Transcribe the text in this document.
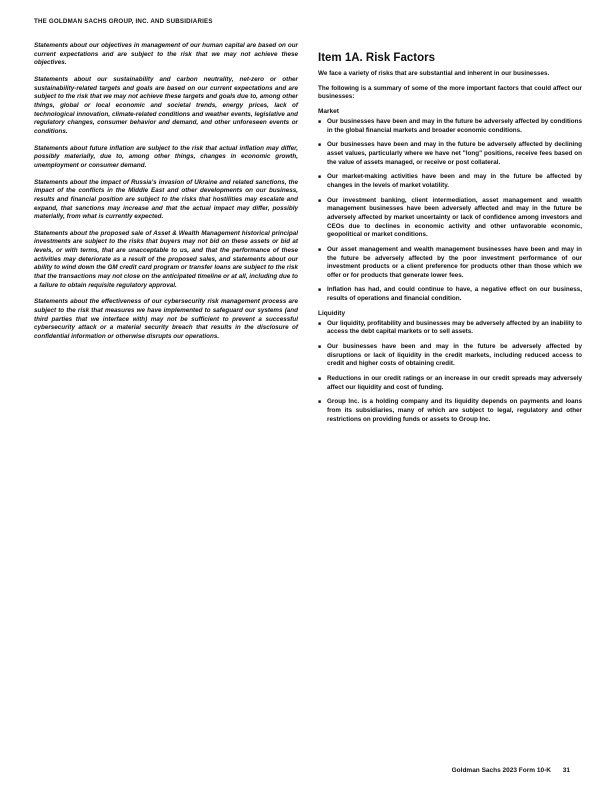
THE GOLDMAN SACHS GROUP, INC. AND SUBSIDIARIES

Statements about our objectives in management of our human capital are based on our current expectations and are subject to the risk that we may not achieve these objectives.

Statements about our sustainability and carbon neutrality, net-zero or other sustainability-related targets and goals are based on our current expectations and are subject to the risk that we may not achieve these targets and goals due to, among other things, global or local economic and societal trends, energy prices, lack of technological innovation, climate-related conditions and weather events, legislative and regulatory changes, consumer behavior and demand, and other unforeseen events or conditions.

Statements about future inflation are subject to the risk that actual inflation may differ, possibly materially, due to, among other things, changes in economic growth, unemployment or consumer demand.

Statements about the impact of Russia's invasion of Ukraine and related sanctions, the impact of the conflicts in the Middle East and other developments on our business, results and financial position are subject to the risks that hostilities may escalate and expand, that sanctions may increase and that the actual impact may differ, possibly materially, from what is currently expected.

Statements about the proposed sale of Asset & Wealth Management historical principal investments are subject to the risks that buyers may not bid on these assets or bid at levels, or with terms, that are unacceptable to us, and that the performance of these activities may deteriorate as a result of the proposed sales, and statements about our ability to wind down the GM credit card program or transfer loans are subject to the risk that the transactions may not close on the anticipated timeline or at all, including due to a failure to obtain requisite regulatory approval.

Statements about the effectiveness of our cybersecurity risk management process are subject to the risk that measures we have implemented to safeguard our systems (and third parties that we interface with) may not be sufficient to prevent a successful cybersecurity attack or a material security breach that results in the disclosure of confidential information or otherwise disrupts our operations.

Item 1A. Risk Factors

We face a variety of risks that are substantial and inherent in our businesses.

The following is a summary of some of the more important factors that could affect our businesses:

Market
■ Our businesses have been and may in the future be adversely affected by conditions in the global financial markets and broader economic conditions.
■ Our businesses have been and may in the future be adversely affected by declining asset values, particularly where we have net "long" positions, receive fees based on the value of assets managed, or receive or post collateral.
■ Our market-making activities have been and may in the future be affected by changes in the levels of market volatility.
■ Our investment banking, client intermediation, asset management and wealth management businesses have been adversely affected and may in the future be adversely affected by market uncertainty or lack of confidence among investors and CEOs due to declines in economic activity and other unfavorable economic, geopolitical or market conditions.
■ Our asset management and wealth management businesses have been and may in the future be adversely affected by the poor investment performance of our investment products or a client preference for products other than those which we offer or for products that generate lower fees.
■ Inflation has had, and could continue to have, a negative effect on our business, results of operations and financial condition.
Liquidity
■ Our liquidity, profitability and businesses may be adversely affected by an inability to access the debt capital markets or to sell assets.
■ Our businesses have been and may in the future be adversely affected by disruptions or lack of liquidity in the credit markets, including reduced access to credit and higher costs of obtaining credit.
■ Reductions in our credit ratings or an increase in our credit spreads may adversely affect our liquidity and cost of funding.
■ Group Inc. is a holding company and its liquidity depends on payments and loans from its subsidiaries, many of which are subject to legal, regulatory and other restrictions on providing funds or assets to Group Inc.
Goldman Sachs 2023 Form 10-K 31
